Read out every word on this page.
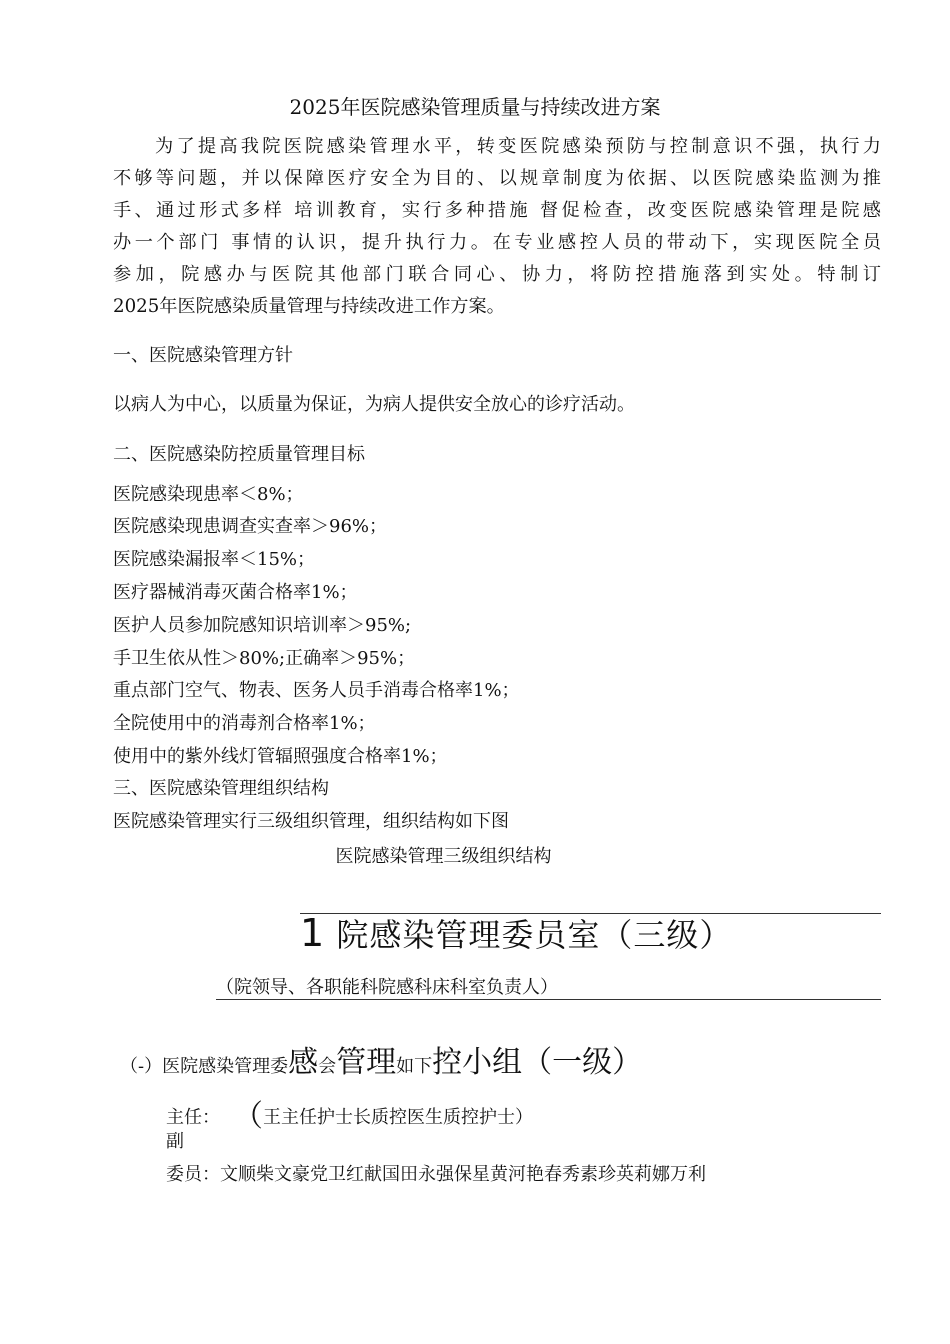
2025年医院感染管理质量与持续改进方案
为了提高我院医院感染管理水平，转变医院感染预防与控制意识不强，执行力
不够等问题，并以保障医疗安全为目的、以规章制度为依据、以医院感染监测为推
手、通过形式多样 培训教育，实行多种措施 督促检查，改变医院感染管理是院感
办一个部门 事情的认识，提升执行力。在专业感控人员的带动下，实现医院全员
参加，院感办与医院其他部门联合同心、协力，将防控措施落到实处。特制订
2025年医院感染质量管理与持续改进工作方案。
一、医院感染管理方针
以病人为中心，以质量为保证，为病人提供安全放心的诊疗活动。
二、医院感染防控质量管理目标
医院感染现患率＜8%；
医院感染现患调查实查率＞96%；
医院感染漏报率＜15%；
医疗器械消毒灭菌合格率1%；
医护人员参加院感知识培训率＞95%;
手卫生依从性＞80%;正确率＞95%；
重点部门空气、物表、医务人员手消毒合格率1%；
全院使用中的消毒剂合格率1%；
使用中的紫外线灯管辐照强度合格率1%；
三、医院感染管理组织结构
医院感染管理实行三级组织管理，组织结构如下图
医院感染管理三级组织结构
1 院感染管理委员室（三级）
（院领导、各职能科院感科床科室负责人）
（-）医院感染管理委感会管理如下控小组（一级）
主任： （王主任护士长质控医生质控护士）
副
委员：文顺柴文豪党卫红献国田永强保星黄河艳春秀素珍英莉娜万利
